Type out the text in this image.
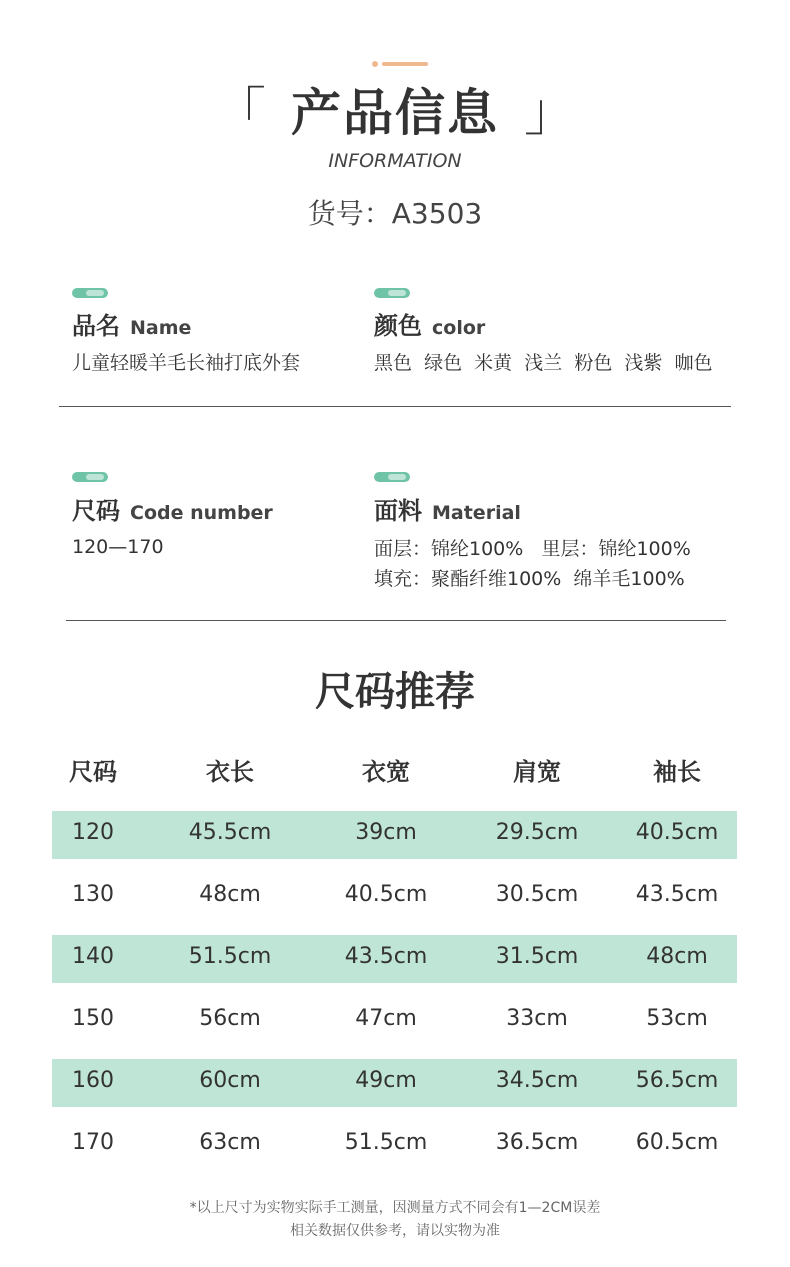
「 产品信息 」
INFORMATION
货号：A3503
品名 Name
儿童轻暖羊毛长袖打底外套
颜色 color
黑色  绿色  米黄  浅兰  粉色  浅紫  咖色
尺码 Code number
120—170
面料 Material
面层：锦纶100%   里层：锦纶100%
填充：聚酯纤维100%  绵羊毛100%
尺码推荐
尺码	衣长	衣宽	肩宽	袖长
120	45.5cm	39cm	29.5cm	40.5cm
130	48cm	40.5cm	30.5cm	43.5cm
140	51.5cm	43.5cm	31.5cm	48cm
150	56cm	47cm	33cm	53cm
160	60cm	49cm	34.5cm	56.5cm
170	63cm	51.5cm	36.5cm	60.5cm
*以上尺寸为实物实际手工测量，因测量方式不同会有1—2CM误差
相关数据仅供参考，请以实物为准
